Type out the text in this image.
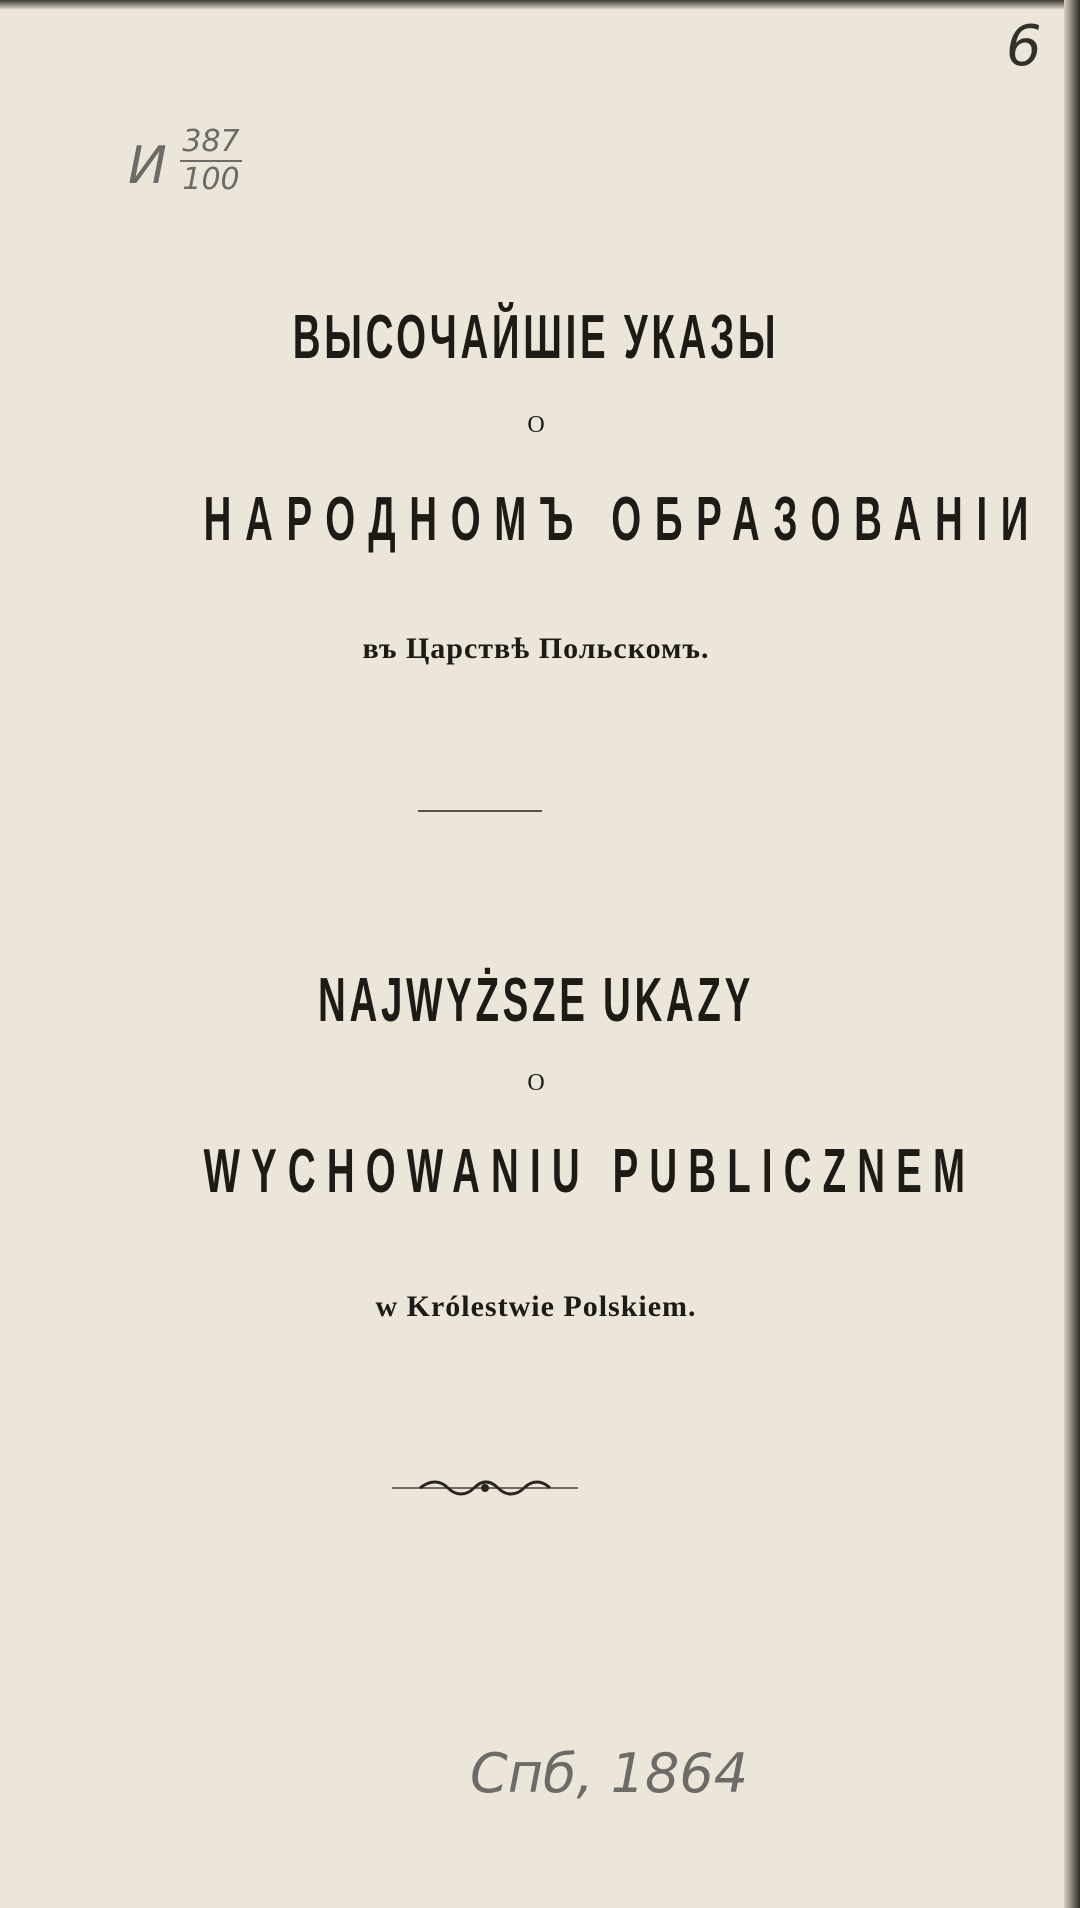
И 387
100
6
ВЫСОЧАЙШІЕ УКАЗЫ
О
НАРОДНОМЪ ОБРАЗОВАНІИ
въ Царствѣ Польскомъ.
NAJWYŻSZE UKAZY
O
WYCHOWANIU PUBLICZNEM
w Królestwie Polskiem.
Спб, 1864
